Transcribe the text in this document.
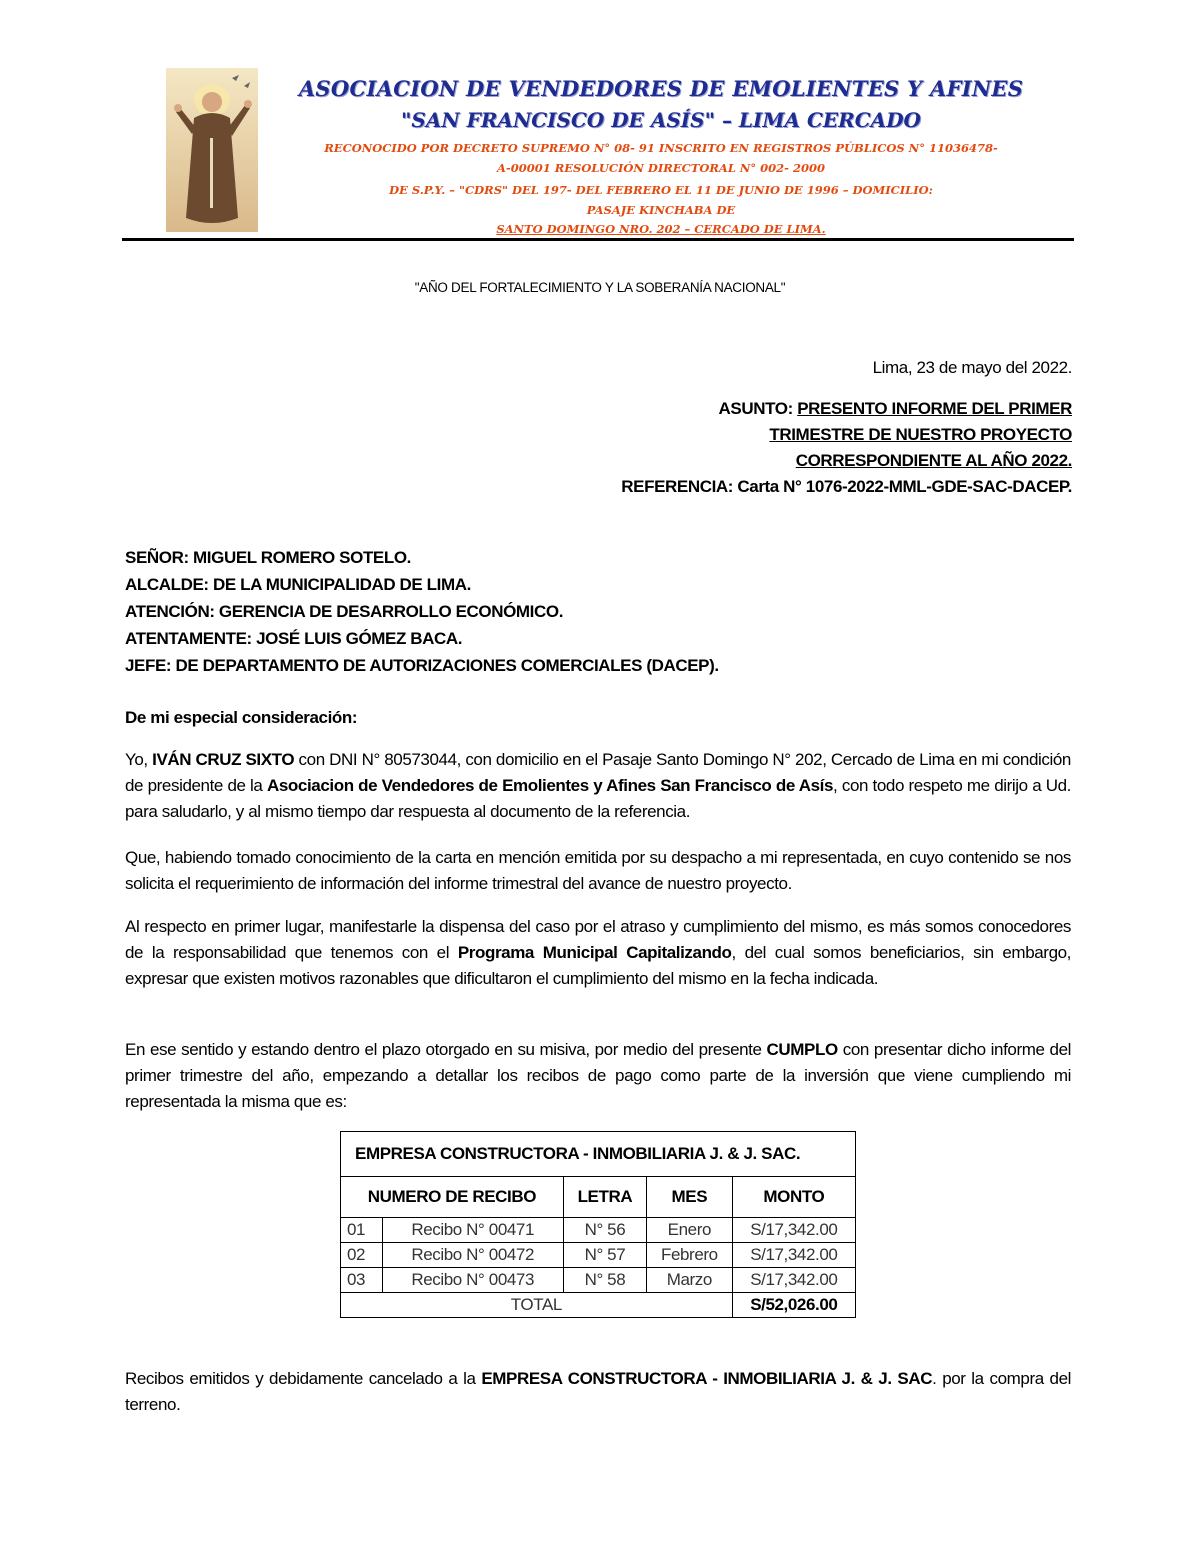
ASOCIACION DE VENDEDORES DE EMOLIENTES Y AFINES
"SAN FRANCISCO DE ASÍS" – LIMA CERCADO
RECONOCIDO POR DECRETO SUPREMO N° 08- 91 INSCRITO EN REGISTROS PÚBLICOS N° 11036478-
A-00001 RESOLUCIÓN DIRECTORAL N° 002- 2000
DE S.P.Y. – "CDRS" DEL 197- DEL FEBRERO EL 11 DE JUNIO DE 1996 – DOMICILIO:
PASAJE KINCHABA DE
SANTO DOMINGO NRO. 202 – CERCADO DE LIMA.
"AÑO DEL FORTALECIMIENTO Y LA SOBERANÍA NACIONAL"
Lima, 23 de mayo del 2022.
ASUNTO: PRESENTO INFORME DEL PRIMER
TRIMESTRE DE NUESTRO PROYECTO
CORRESPONDIENTE AL AÑO 2022.
REFERENCIA: Carta N° 1076-2022-MML-GDE-SAC-DACEP.
SEÑOR: MIGUEL ROMERO SOTELO.
ALCALDE: DE LA MUNICIPALIDAD DE LIMA.
ATENCIÓN: GERENCIA DE DESARROLLO ECONÓMICO.
ATENTAMENTE: JOSÉ LUIS GÓMEZ BACA.
JEFE: DE DEPARTAMENTO DE AUTORIZACIONES COMERCIALES (DACEP).
De mi especial consideración:
Yo, IVÁN CRUZ SIXTO con DNI N° 80573044, con domicilio en el Pasaje Santo Domingo N° 202, Cercado de Lima en mi condición de presidente de la Asociacion de Vendedores de Emolientes y Afines San Francisco de Asís, con todo respeto me dirijo a Ud. para saludarlo, y al mismo tiempo dar respuesta al documento de la referencia.
Que, habiendo tomado conocimiento de la carta en mención emitida por su despacho a mi representada, en cuyo contenido se nos solicita el requerimiento de información del informe trimestral del avance de nuestro proyecto.
Al respecto en primer lugar, manifestarle la dispensa del caso por el atraso y cumplimiento del mismo, es más somos conocedores de la responsabilidad que tenemos con el Programa Municipal Capitalizando, del cual somos beneficiarios, sin embargo, expresar que existen motivos razonables que dificultaron el cumplimiento del mismo en la fecha indicada.
En ese sentido y estando dentro el plazo otorgado en su misiva, por medio del presente CUMPLO con presentar dicho informe del primer trimestre del año, empezando a detallar los recibos de pago como parte de la inversión que viene cumpliendo mi representada la misma que es:
EMPRESA CONSTRUCTORA - INMOBILIARIA J. & J. SAC.				
NUMERO DE RECIBO		LETRA	MES	MONTO
01	Recibo N° 00471	N° 56	Enero	S/17,342.00
02	Recibo N° 00472	N° 57	Febrero	S/17,342.00
03	Recibo N° 00473	N° 58	Marzo	S/17,342.00
TOTAL				S/52,026.00
Recibos emitidos y debidamente cancelado a la EMPRESA CONSTRUCTORA - INMOBILIARIA J. & J. SAC. por la compra del terreno.
